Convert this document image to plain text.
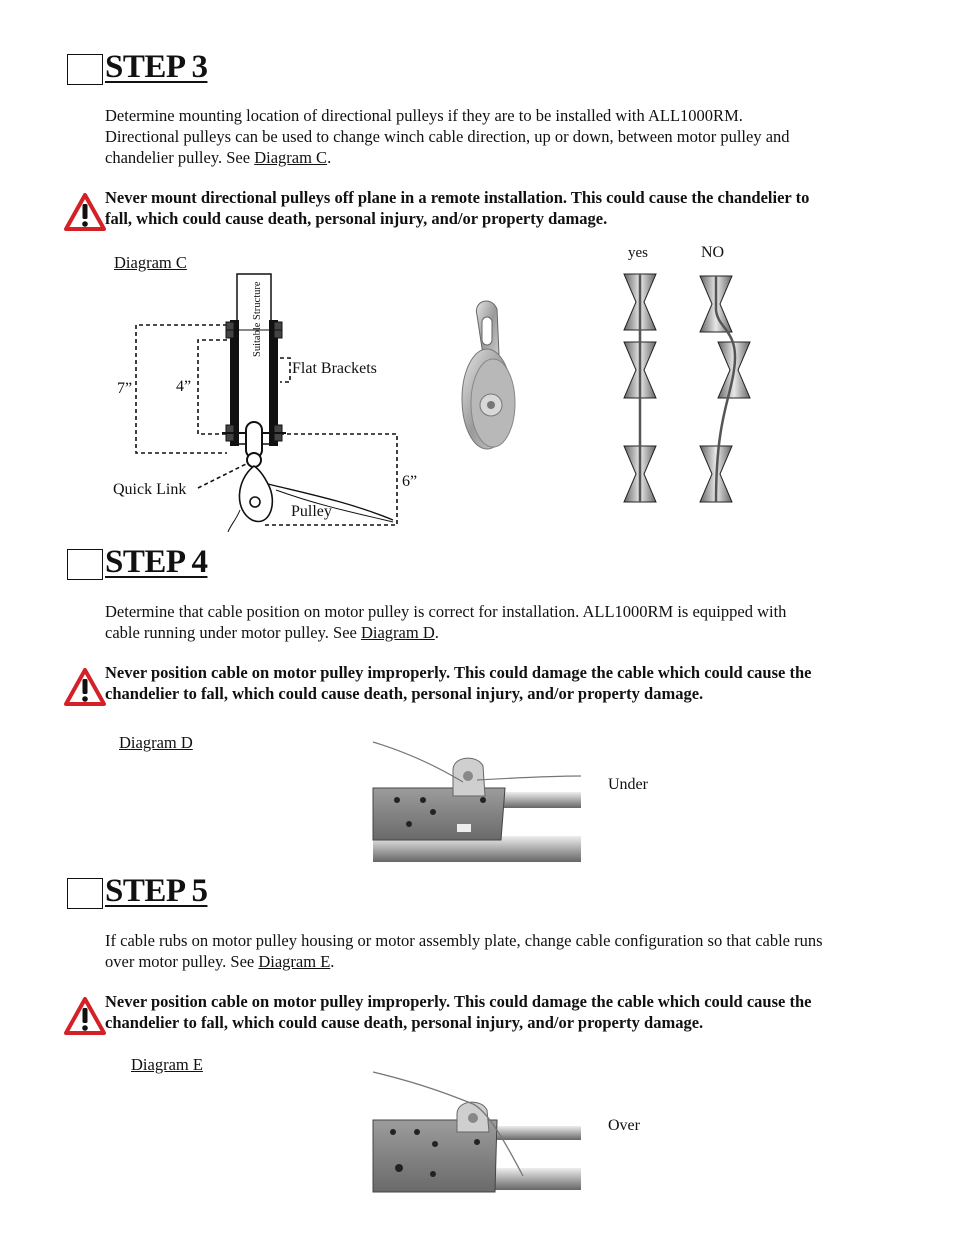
STEP 3
Determine mounting location of directional pulleys if they are to be installed with ALL1000RM.
Directional pulleys can be used to change winch cable direction, up or down, between motor pulley and
chandelier pulley. See Diagram C.
Never mount directional pulleys off plane in a remote installation. This could cause the chandelier to
fall, which could cause death, personal injury, and/or property damage.
Diagram C
Suitable Structure
Flat Brackets
7”	4”
6”
Quick Link
Pulley
yes	NO
STEP 4
Determine that cable position on motor pulley is correct for installation. ALL1000RM is equipped with
cable running under motor pulley. See Diagram D.
Never position cable on motor pulley improperly. This could damage the cable which could cause the
chandelier to fall, which could cause death, personal injury, and/or property damage.
Diagram D
Under
STEP 5
If cable rubs on motor pulley housing or motor assembly plate, change cable configuration so that cable runs
over motor pulley. See Diagram E.
Never position cable on motor pulley improperly. This could damage the cable which could cause the
chandelier to fall, which could cause death, personal injury, and/or property damage.
Diagram E
Over
